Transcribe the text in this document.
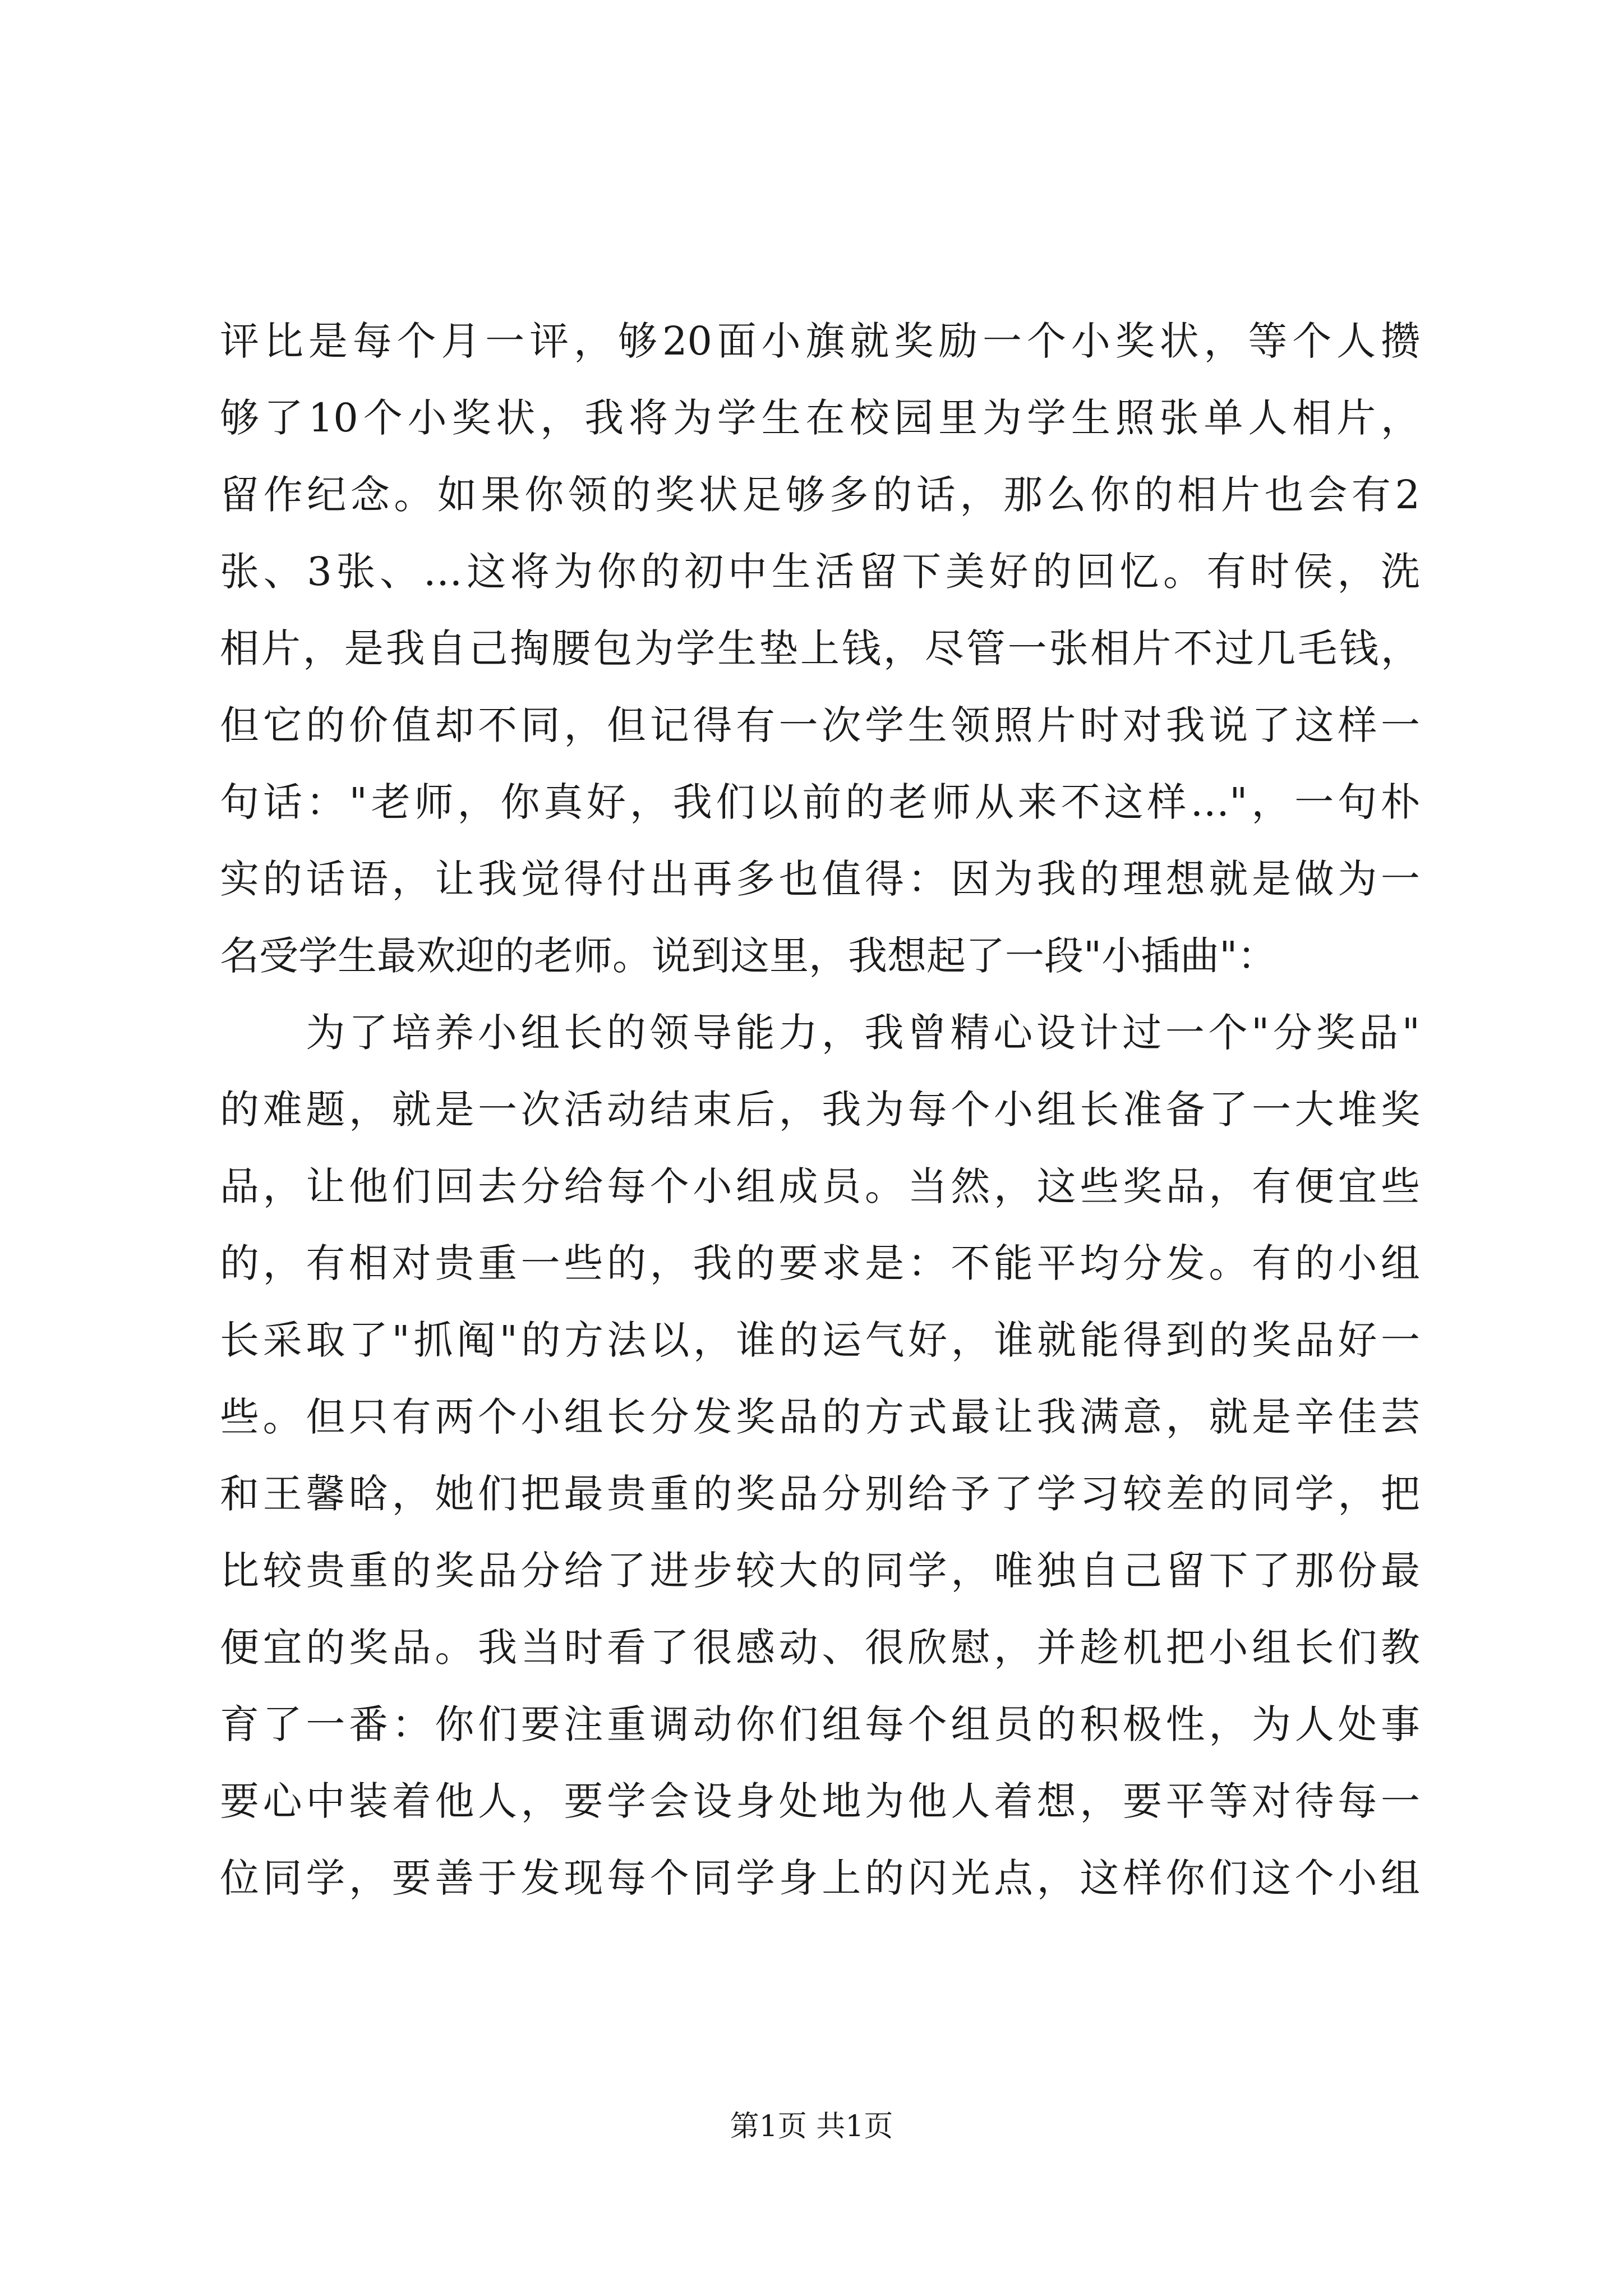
评比是每个月一评，够20面小旗就奖励一个小奖状，等个人攒
够了10个小奖状，我将为学生在校园里为学生照张单人相片，
留作纪念。如果你领的奖状足够多的话，那么你的相片也会有2
张、3张、…这将为你的初中生活留下美好的回忆。有时侯，洗
相片，是我自己掏腰包为学生垫上钱，尽管一张相片不过几毛钱，
但它的价值却不同，但记得有一次学生领照片时对我说了这样一
句话："老师，你真好，我们以前的老师从来不这样…"，一句朴
实的话语，让我觉得付出再多也值得：因为我的理想就是做为一
名受学生最欢迎的老师。说到这里，我想起了一段"小插曲"：
　　为了培养小组长的领导能力，我曾精心设计过一个"分奖品"
的难题，就是一次活动结束后，我为每个小组长准备了一大堆奖
品，让他们回去分给每个小组成员。当然，这些奖品，有便宜些
的，有相对贵重一些的，我的要求是：不能平均分发。有的小组
长采取了"抓阄"的方法以，谁的运气好，谁就能得到的奖品好一
些。但只有两个小组长分发奖品的方式最让我满意，就是辛佳芸
和王馨晗，她们把最贵重的奖品分别给予了学习较差的同学，把
比较贵重的奖品分给了进步较大的同学，唯独自己留下了那份最
便宜的奖品。我当时看了很感动、很欣慰，并趁机把小组长们教
育了一番：你们要注重调动你们组每个组员的积极性，为人处事
要心中装着他人，要学会设身处地为他人着想，要平等对待每一
位同学，要善于发现每个同学身上的闪光点，这样你们这个小组
第1页 共1页
